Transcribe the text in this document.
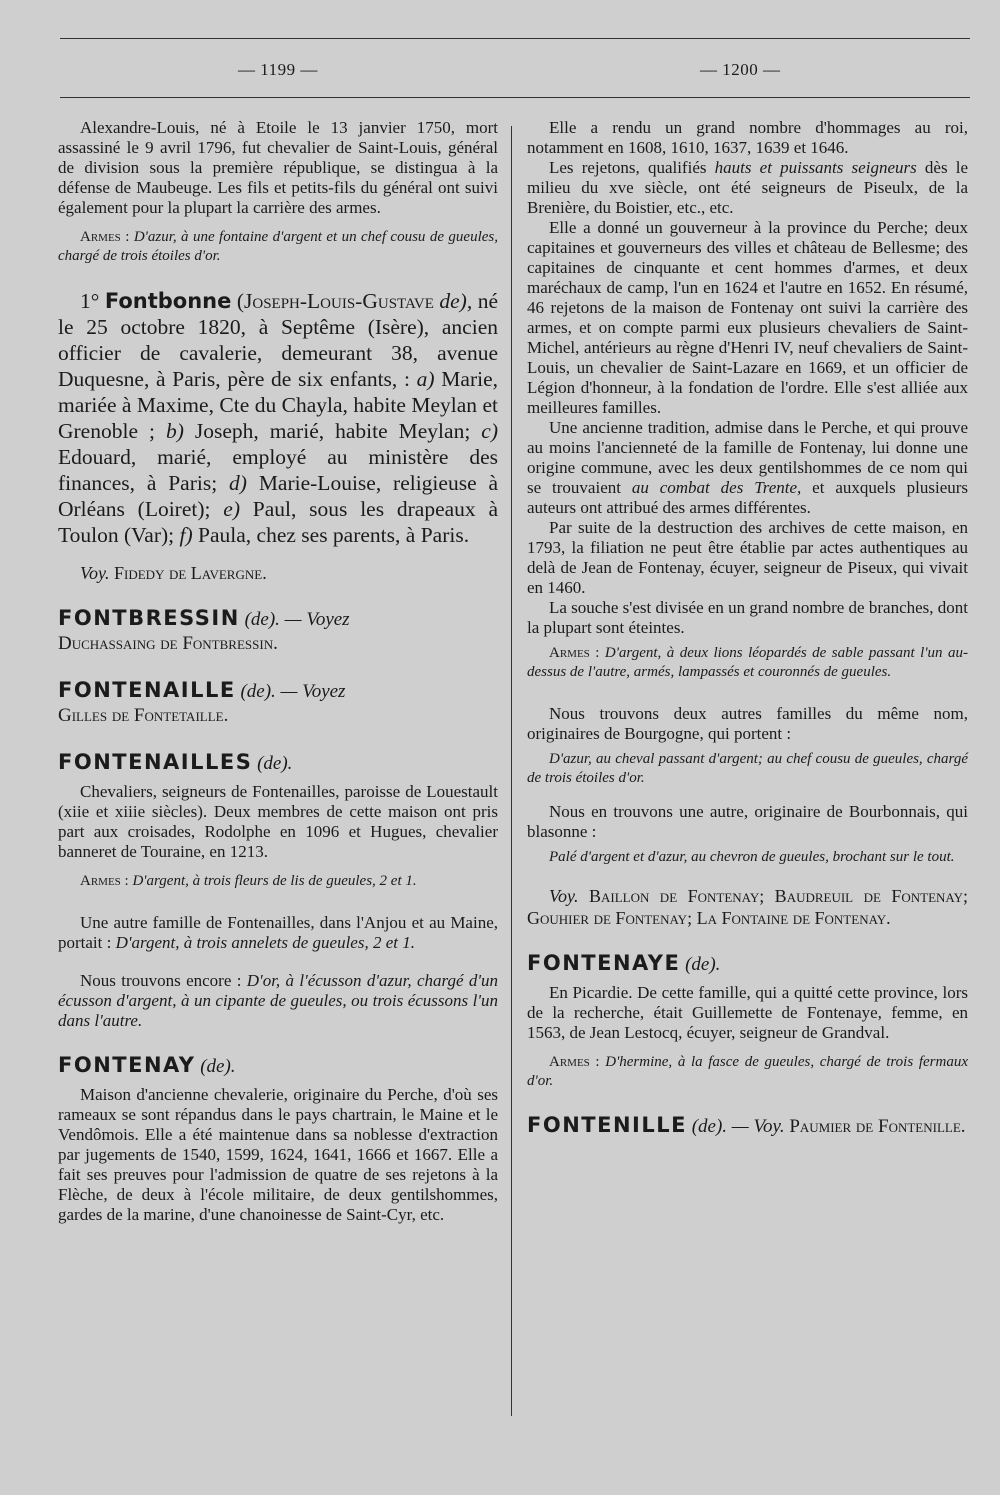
— 1199 —	— 1200 —

Alexandre-Louis, né à Etoile le 13 janvier 1750, mort assassiné le 9 avril 1796, fut chevalier de Saint-Louis, général de division sous la première république, se distingua à la défense de Maubeuge. Les fils et petits-fils du général ont suivi également pour la plupart la carrière des armes.

Armes : D'azur, à une fontaine d'argent et un chef cousu de gueules, chargé de trois étoiles d'or.

1° Fontbonne (Joseph-Louis-Gustave de), né le 25 octobre 1820, à Septême (Isère), ancien officier de cavalerie, demeurant 38, avenue Duquesne, à Paris, père de six enfants, : a) Marie, mariée à Maxime, Cte du Chayla, habite Meylan et Grenoble ; b) Joseph, marié, habite Meylan; c) Edouard, marié, employé au ministère des finances, à Paris; d) Marie-Louise, religieuse à Orléans (Loiret); e) Paul, sous les drapeaux à Toulon (Var); f) Paula, chez ses parents, à Paris.

Voy. Fidedy de Lavergne.

FONTBRESSIN (de). — Voyez
Duchassaing de Fontbressin.

FONTENAILLE (de). — Voyez
Gilles de Fontetaille.

FONTENAILLES (de).

Chevaliers, seigneurs de Fontenailles, paroisse de Louestault (xiie et xiiie siècles). Deux membres de cette maison ont pris part aux croisades, Rodolphe en 1096 et Hugues, chevalier banneret de Touraine, en 1213.

Armes : D'argent, à trois fleurs de lis de gueules, 2 et 1.

Une autre famille de Fontenailles, dans l'Anjou et au Maine, portait : D'argent, à trois annelets de gueules, 2 et 1.

Nous trouvons encore : D'or, à l'écusson d'azur, chargé d'un écusson d'argent, à un cipante de gueules, ou trois écussons l'un dans l'autre.

FONTENAY (de).

Maison d'ancienne chevalerie, originaire du Perche, d'où ses rameaux se sont répandus dans le pays chartrain, le Maine et le Vendômois. Elle a été maintenue dans sa noblesse d'extraction par jugements de 1540, 1599, 1624, 1641, 1666 et 1667. Elle a fait ses preuves pour l'admission de quatre de ses rejetons à la Flèche, de deux à l'école militaire, de deux gentilshommes, gardes de la marine, d'une chanoinesse de Saint-Cyr, etc.

Elle a rendu un grand nombre d'hommages au roi, notamment en 1608, 1610, 1637, 1639 et 1646.

Les rejetons, qualifiés hauts et puissants seigneurs dès le milieu du xve siècle, ont été seigneurs de Piseulx, de la Brenière, du Boistier, etc., etc.

Elle a donné un gouverneur à la province du Perche; deux capitaines et gouverneurs des villes et château de Bellesme; des capitaines de cinquante et cent hommes d'armes, et deux maréchaux de camp, l'un en 1624 et l'autre en 1652. En résumé, 46 rejetons de la maison de Fontenay ont suivi la carrière des armes, et on compte parmi eux plusieurs chevaliers de Saint-Michel, antérieurs au règne d'Henri IV, neuf chevaliers de Saint-Louis, un chevalier de Saint-Lazare en 1669, et un officier de Légion d'honneur, à la fondation de l'ordre. Elle s'est alliée aux meilleures familles.

Une ancienne tradition, admise dans le Perche, et qui prouve au moins l'ancienneté de la famille de Fontenay, lui donne une origine commune, avec les deux gentilshommes de ce nom qui se trouvaient au combat des Trente, et auxquels plusieurs auteurs ont attribué des armes différentes.

Par suite de la destruction des archives de cette maison, en 1793, la filiation ne peut être établie par actes authentiques au delà de Jean de Fontenay, écuyer, seigneur de Piseux, qui vivait en 1460.

La souche s'est divisée en un grand nombre de branches, dont la plupart sont éteintes.

Armes : D'argent, à deux lions léopardés de sable passant l'un au-dessus de l'autre, armés, lampassés et couronnés de gueules.

Nous trouvons deux autres familles du même nom, originaires de Bourgogne, qui portent :

D'azur, au cheval passant d'argent; au chef cousu de gueules, chargé de trois étoiles d'or.

Nous en trouvons une autre, originaire de Bourbonnais, qui blasonne :

Palé d'argent et d'azur, au chevron de gueules, brochant sur le tout.

Voy. Baillon de Fontenay; Baudreuil de Fontenay; Gouhier de Fontenay; La Fontaine de Fontenay.

FONTENAYE (de).

En Picardie. De cette famille, qui a quitté cette province, lors de la recherche, était Guillemette de Fontenaye, femme, en 1563, de Jean Lestocq, écuyer, seigneur de Grandval.

Armes : D'hermine, à la fasce de gueules, chargé de trois fermaux d'or.

FONTENILLE (de). — Voy. Paumier de Fontenille.
